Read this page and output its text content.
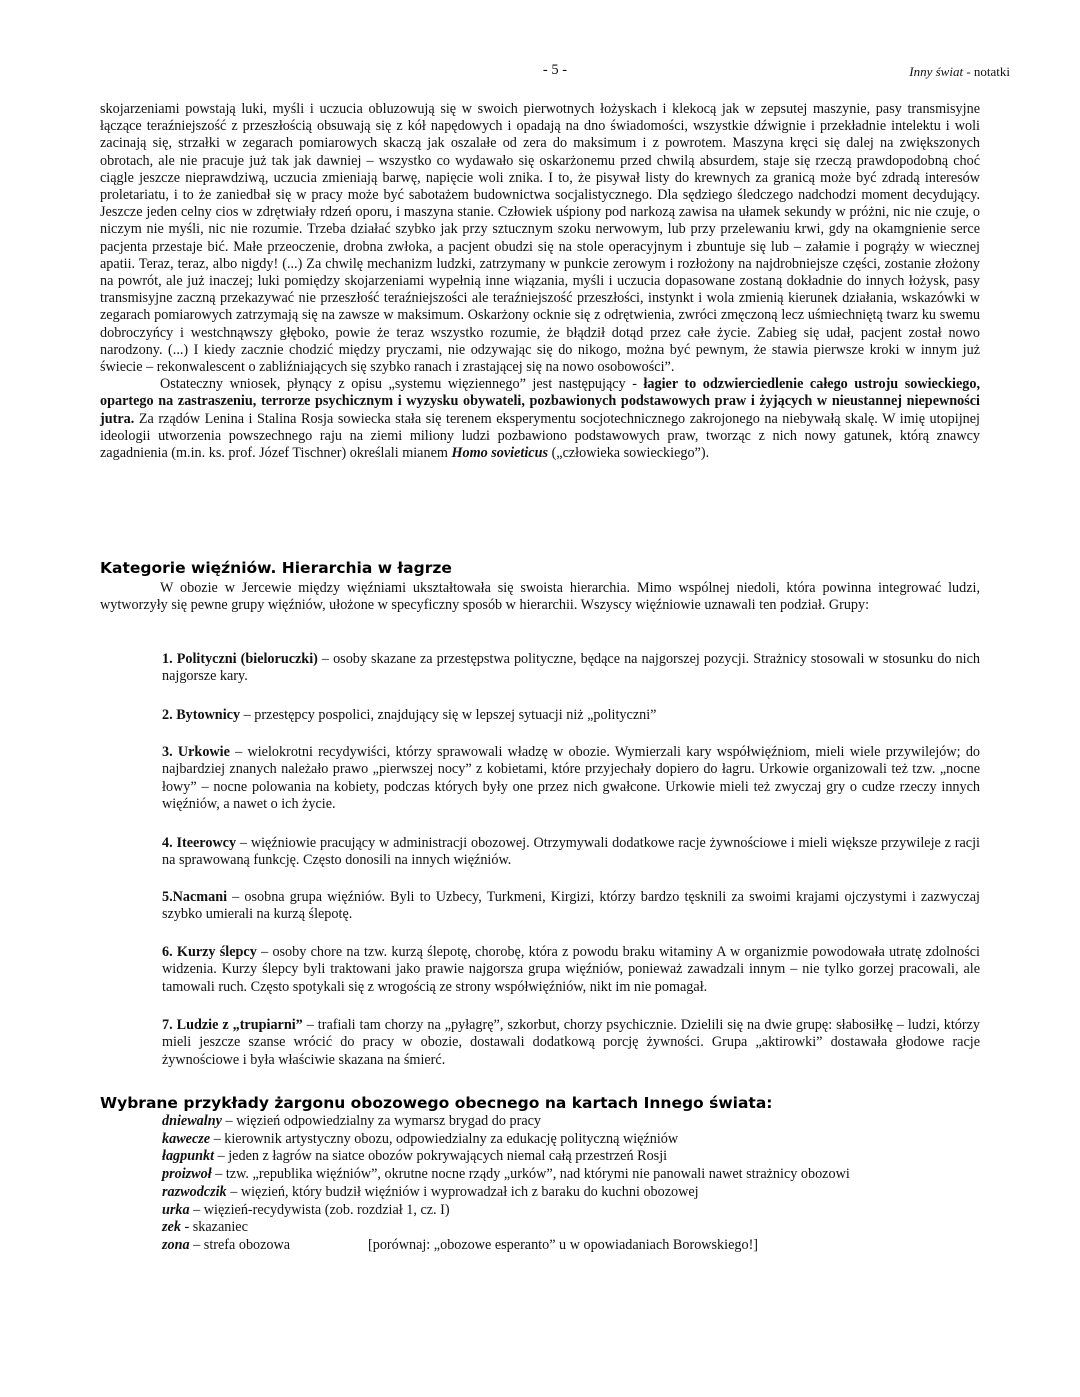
- 5 -	Inny świat - notatki

skojarzeniami powstają luki, myśli i uczucia obluzowują się w swoich pierwotnych łożyskach i klekocą jak w zepsutej maszynie, pasy transmisyjne łączące teraźniejszość z przeszłością obsuwają się z kół napędowych i opadają na dno świadomości, wszystkie dźwignie i przekładnie intelektu i woli zacinają się, strzałki w zegarach pomiarowych skaczą jak oszalałe od zera do maksimum i z powrotem. Maszyna kręci się dalej na zwiększonych obrotach, ale nie pracuje już tak jak dawniej – wszystko co wydawało się oskarżonemu przed chwilą absurdem, staje się rzeczą prawdopodobną choć ciągle jeszcze nieprawdziwą, uczucia zmieniają barwę, napięcie woli znika. I to, że pisywał listy do krewnych za granicą może być zdradą interesów proletariatu, i to że zaniedbał się w pracy może być sabotażem budownictwa socjalistycznego. Dla sędziego śledczego nadchodzi moment decydujący. Jeszcze jeden celny cios w zdrętwiały rdzeń oporu, i maszyna stanie. Człowiek uśpiony pod narkozą zawisa na ułamek sekundy w próżni, nic nie czuje, o niczym nie myśli, nic nie rozumie. Trzeba działać szybko jak przy sztucznym szoku nerwowym, lub przy przelewaniu krwi, gdy na okamgnienie serce pacjenta przestaje bić. Małe przeoczenie, drobna zwłoka, a pacjent obudzi się na stole operacyjnym i zbuntuje się lub – załamie i pogrąży w wiecznej apatii. Teraz, teraz, albo nigdy! (...) Za chwilę mechanizm ludzki, zatrzymany w punkcie zerowym i rozłożony na najdrobniejsze części, zostanie złożony na powrót, ale już inaczej; luki pomiędzy skojarzeniami wypełnią inne wiązania, myśli i uczucia dopasowane zostaną dokładnie do innych łożysk, pasy transmisyjne zaczną przekazywać nie przeszłość teraźniejszości ale teraźniejszość przeszłości, instynkt i wola zmienią kierunek działania, wskazówki w zegarach pomiarowych zatrzymają się na zawsze w maksimum. Oskarżony ocknie się z odrętwienia, zwróci zmęczoną lecz uśmiechniętą twarz ku swemu dobroczyńcy i westchnąwszy głęboko, powie że teraz wszystko rozumie, że błądził dotąd przez całe życie. Zabieg się udał, pacjent został nowo narodzony. (...) I kiedy zacznie chodzić między pryczami, nie odzywając się do nikogo, można być pewnym, że stawia pierwsze kroki w innym już świecie – rekonwalescent o zabliźniających się szybko ranach i zrastającej się na nowo osobowości”.

Ostateczny wniosek, płynący z opisu „systemu więziennego” jest następujący - łagier to odzwierciedlenie całego ustroju sowieckiego, opartego na zastraszeniu, terrorze psychicznym i wyzysku obywateli, pozbawionych podstawowych praw i żyjących w nieustannej niepewności jutra. Za rządów Lenina i Stalina Rosja sowiecka stała się terenem eksperymentu socjotechnicznego zakrojonego na niebywałą skalę. W imię utopijnej ideologii utworzenia powszechnego raju na ziemi miliony ludzi pozbawiono podstawowych praw, tworząc z nich nowy gatunek, którą znawcy zagadnienia (m.in. ks. prof. Józef Tischner) określali mianem Homo sovieticus („człowieka sowieckiego”).

Kategorie więźniów. Hierarchia w łagrze

W obozie w Jercewie między więźniami ukształtowała się swoista hierarchia. Mimo wspólnej niedoli, która powinna integrować ludzi, wytworzyły się pewne grupy więźniów, ułożone w specyficzny sposób w hierarchii. Wszyscy więźniowie uznawali ten podział. Grupy:

1. Polityczni (bieloruczki) – osoby skazane za przestępstwa polityczne, będące na najgorszej pozycji. Strażnicy stosowali w stosunku do nich najgorsze kary.
2. Bytownicy – przestępcy pospolici, znajdujący się w lepszej sytuacji niż „polityczni”
3. Urkowie – wielokrotni recydywiści, którzy sprawowali władzę w obozie. Wymierzali kary współwięźniom, mieli wiele przywilejów; do najbardziej znanych należało prawo „pierwszej nocy” z kobietami, które przyjechały dopiero do łagru. Urkowie organizowali też tzw. „nocne łowy” – nocne polowania na kobiety, podczas których były one przez nich gwałcone. Urkowie mieli też zwyczaj gry o cudze rzeczy innych więźniów, a nawet o ich życie.
4. Iteerowcy – więźniowie pracujący w administracji obozowej. Otrzymywali dodatkowe racje żywnościowe i mieli większe przywileje z racji na sprawowaną funkcję. Często donosili na innych więźniów.
5.Nacmani – osobna grupa więźniów. Byli to Uzbecy, Turkmeni, Kirgizi, którzy bardzo tęsknili za swoimi krajami ojczystymi i zazwyczaj szybko umierali na kurzą ślepotę.
6. Kurzy ślepcy – osoby chore na tzw. kurzą ślepotę, chorobę, która z powodu braku witaminy A w organizmie powodowała utratę zdolności widzenia. Kurzy ślepcy byli traktowani jako prawie najgorsza grupa więźniów, ponieważ zawadzali innym – nie tylko gorzej pracowali, ale tamowali ruch. Często spotykali się z wrogością ze strony współwięźniów, nikt im nie pomagał.
7. Ludzie z „trupiarni” – trafiali tam chorzy na „pyłagrę”, szkorbut, chorzy psychicznie. Dzielili się na dwie grupę: słabosiłkę – ludzi, którzy mieli jeszcze szanse wrócić do pracy w obozie, dostawali dodatkową porcję żywności. Grupa „aktirowki” dostawała głodowe racje żywnościowe i była właściwie skazana na śmierć.
Wybrane przykłady żargonu obozowego obecnego na kartach Innego świata:
dniewalny – więzień odpowiedzialny za wymarsz brygad do pracy
kawecze – kierownik artystyczny obozu, odpowiedzialny za edukację polityczną więźniów
łagpunkt – jeden z łagrów na siatce obozów pokrywających niemal całą przestrzeń Rosji
proizwoł – tzw. „republika więźniów”, okrutne nocne rządy „urków”, nad którymi nie panowali nawet strażnicy obozowi
razwodczik – więzień, który budził więźniów i wyprowadzał ich z baraku do kuchni obozowej
urka – więzień-recydywista (zob. rozdział 1, cz. I)
zek - skazaniec
zona – strefa obozowa	[porównaj: „obozowe esperanto” u w opowiadaniach Borowskiego!]
